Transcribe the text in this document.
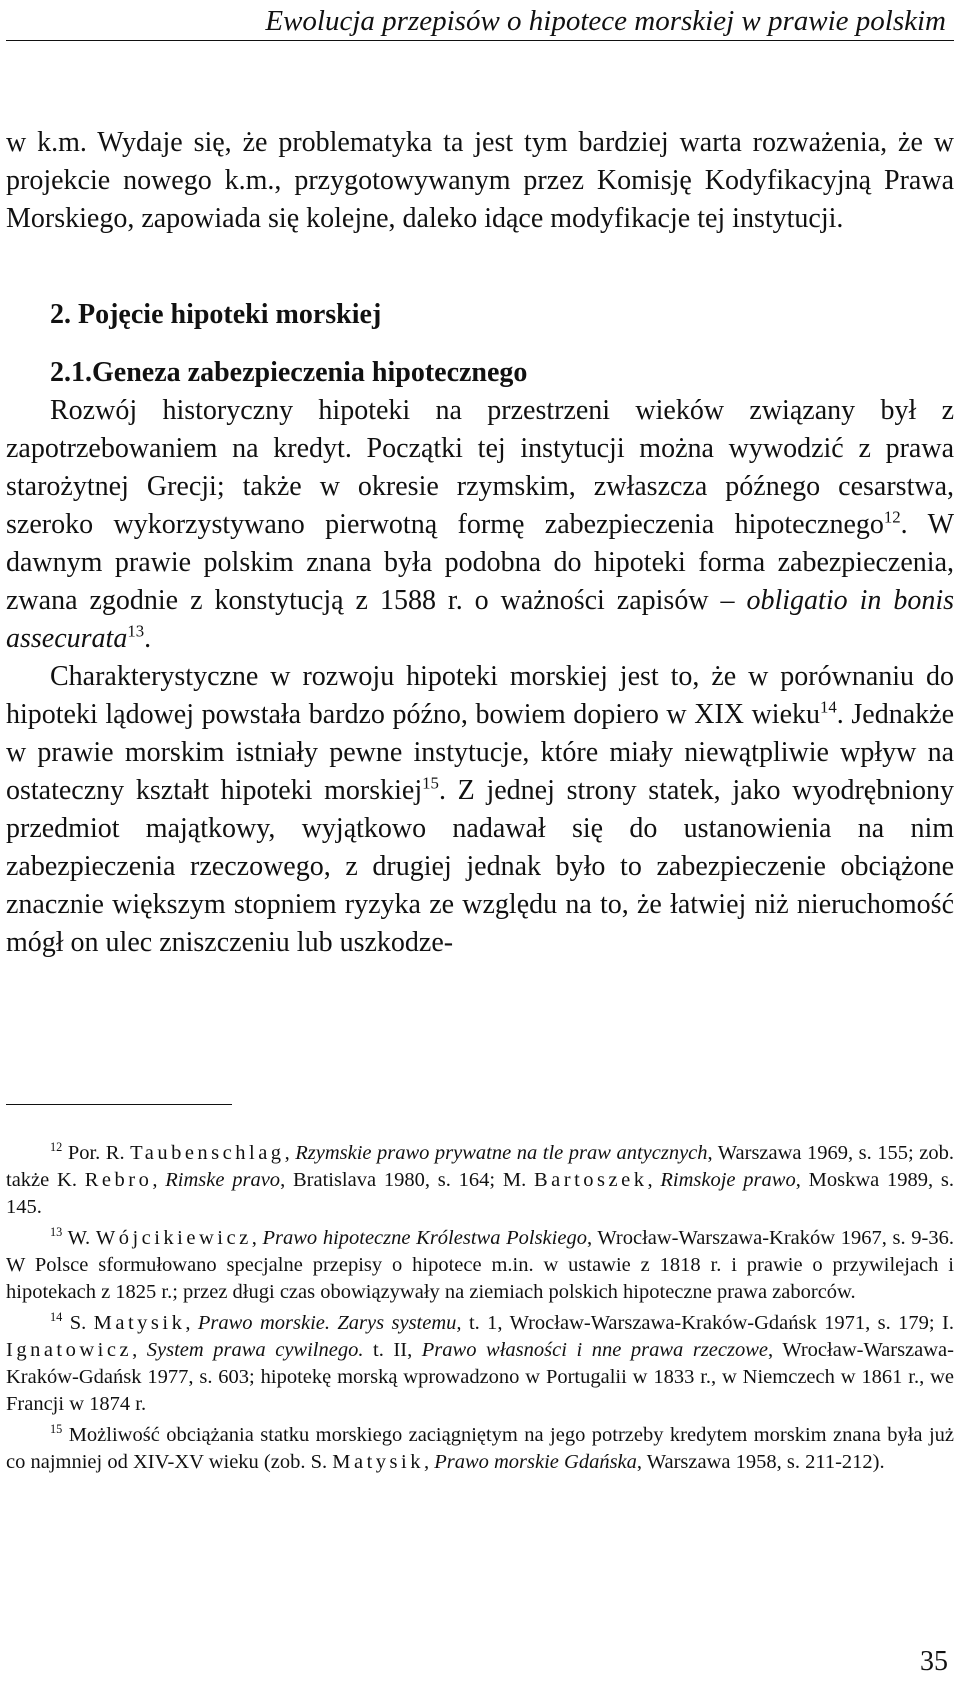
Ewolucja przepisów o hipotece morskiej w prawie polskim

w k.m. Wydaje się, że problematyka ta jest tym bardziej warta rozważenia, że w projekcie nowego k.m., przygotowywanym przez Komisję Kodyfikacyjną Prawa Morskiego, zapowiada się kolejne, daleko idące modyfikacje tej instytucji.

2. Pojęcie hipoteki morskiej

2.1.Geneza zabezpieczenia hipotecznego

Rozwój historyczny hipoteki na przestrzeni wieków związany był z zapotrzebowaniem na kredyt. Początki tej instytucji można wywodzić z prawa starożytnej Grecji; także w okresie rzymskim, zwłaszcza późnego cesarstwa, szeroko wykorzystywano pierwotną formę zabezpieczenia hipotecznego$^{12}$. W dawnym prawie polskim znana była podobna do hipoteki forma zabezpieczenia, zwana zgodnie z konstytucją z 1588 r. o ważności zapisów – obligatio in bonis assecurata$^{13}$.

Charakterystyczne w rozwoju hipoteki morskiej jest to, że w porównaniu do hipoteki lądowej powstała bardzo późno, bowiem dopiero w XIX wieku$^{14}$. Jednakże w prawie morskim istniały pewne instytucje, które miały niewątpliwie wpływ na ostateczny kształt hipoteki morskiej$^{15}$. Z jednej strony statek, jako wyodrębniony przedmiot majątkowy, wyjątkowo nadawał się do ustanowienia na nim zabezpieczenia rzeczowego, z drugiej jednak było to zabezpieczenie obciążone znacznie większym stopniem ryzyka ze względu na to, że łatwiej niż nieruchomość mógł on ulec zniszczeniu lub uszkodze-

$^{12}$ Por. R. Taubenschlag, Rzymskie prawo prywatne na tle praw antycznych, Warszawa 1969, s. 155; zob. także K. Rebro, Rimske pravo, Bratislava 1980, s. 164; M. Bartoszek, Rimskoje prawo, Moskwa 1989, s. 145.

$^{13}$ W. Wójcikiewicz, Prawo hipoteczne Królestwa Polskiego, Wrocław-Warszawa-Kraków 1967, s. 9-36. W Polsce sformułowano specjalne przepisy o hipotece m.in. w ustawie z 1818 r. i prawie o przywilejach i hipotekach z 1825 r.; przez długi czas obowiązywały na ziemiach polskich hipoteczne prawa zaborców.

$^{14}$ S. Matysik, Prawo morskie. Zarys systemu, t. 1, Wrocław-Warszawa-Kraków-Gdańsk 1971, s. 179; I. Ignatowicz, System prawa cywilnego. t. II, Prawo własności i nne prawa rzeczowe, Wrocław-Warszawa-Kraków-Gdańsk 1977, s. 603; hipotekę morską wprowadzono w Portugalii w 1833 r., w Niemczech w 1861 r., we Francji w 1874 r.

$^{15}$ Możliwość obciążania statku morskiego zaciągniętym na jego potrzeby kredytem morskim znana była już co najmniej od XIV-XV wieku (zob. S. Matysik, Prawo morskie Gdańska, Warszawa 1958, s. 211-212).

35
